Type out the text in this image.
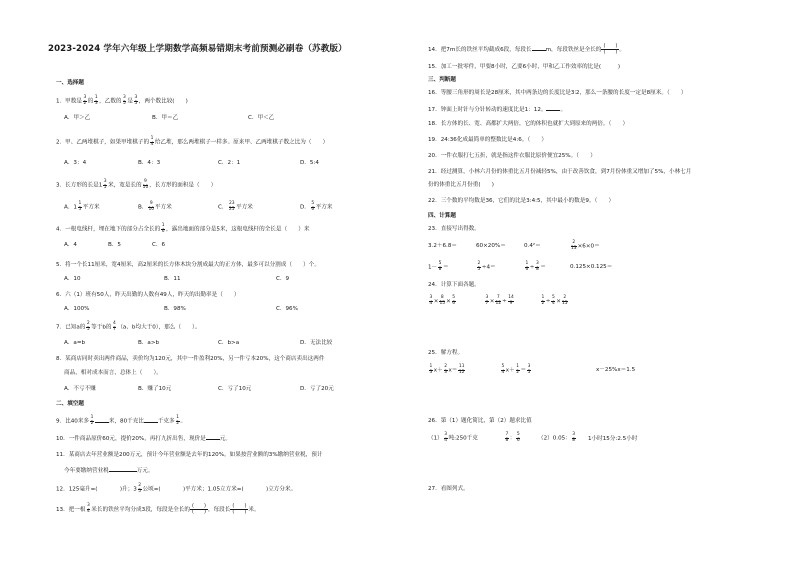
2023-2024 学年六年级上学期数学高频易错期末考前预测必刷卷（苏教版）
一、选择题
1．甲数是 $\frac{3}{2}$ 的 $\frac{1}{3}$ ，乙数的 $\frac{3}{5}$ 是 $\frac{3}{5}$ ，两个数比较(　　)
A．甲＞乙	B．甲＝乙	C．甲＜乙
2．甲、乙两堆棋子，如果甲堆棋子的 $\frac{1}{4}$ 给乙堆，那么两堆棋子一样多。原来甲、乙两堆棋子数之比为（　　）
A．3：4	B．4：3	C．2：1	D．5:4
3．长方形的长是$1 \frac{3}{5}$ 米，宽是长的 $\frac{9}{10}$ ，长方形的面积是（　　）
A．$1 \frac{1}{5}$ 平方米	B． $\frac{9}{10}$ 平方米	C． $\frac{23}{25}$ 平方米	D． $\frac{5}{6}$ 平方米
4．一根电线杆，埋在地下的部分占全长的 $\frac{1}{6}$ ，露出地面的部分是5米，这根电线杆的全长是（　　）米
A．4	B．5	C．6
5．将一个长11厘米，宽4厘米，高2厘米的长方体木块分割成最大的正方体，最多可以分割成（　　）个。
A．10	B．11	C．9
6．六（1）班有50人，昨天出勤的人数有49人，昨天的出勤率是（　　）
A．100%	B．98%	C．96%
7．已知a的 $\frac{2}{5}$ 等于b的 $\frac{4}{7} (a$、b均大于0），那么（　　）。
A．a=b	B．a>b	C．b>a	D．无法比较
8．某商店同时卖出两件商品，卖价均为120元，其中一件盈利20%，另一件亏本20%，这个商店卖出这两件
商品，相对成本而言，总体上（　　）。
A．不亏不赚	B．赚了10元	C．亏了10元	D．亏了20元
二、填空题
9．比40米多 $\frac{1}{2}$	米，80千克比	千克多 $\frac{1}{2}$ 。
10．一件商品原价60元，提价20%，再打九折出售，现价是	元。
11．某商店去年营业额是200万元，预计今年营业额是去年的120%。如果按营业额的3%缴纳营业税，预计
今年要缴纳营业税	万元。
12．125毫升=(　　　　)升；$3 \frac{2}{5}$ 公顷=(　　　　)平方米；1.05立方米=(　　　　)立方分米。
13．把一根 $\frac{3}{4}$ 米长的铁丝平均分成3段，每段是全长的
(　　)
(　　) ，每段长
(　　)
(　　) 米。
14．把7m长的铁丝平均截成6段，每段长	m，每段铁丝是全长的
(　　)
(　　) 。
15．加工一批零件，甲要8小时，乙要6小时，甲和乙工作效率的比是(　　　)
三、判断题
16．等腰三角形的周长是28厘米，其中两条边的长度比是3∶2，那么一条腰的长度一定是8厘米。（　　）
17．钟面上时针与分针转动的速度比是1：12。	。
18．长方体的长、宽、高都扩大两倍，它的体积也就扩大到原来的两倍。（　　）
19．24:36化成最简单的整数比是4:6。（　　）
20．一件衣服打七五折，就是指这件衣服比原价便宜25%。（　　）
21．经过测算，小林六月份的体重比五月份减轻5%，由于改善饮食，到7月份体重又增加了5%，小林七月
份的体重比五月份重(　　)
22．三个数的平均数是36，它们的比是3:4:5，其中最小的数是9。（　　）
四、计算题
23．直接写出得数。
3.2＋6.8＝	60×20%＝	0.4²＝	$\frac{2}{13} \times 6\times 0=$
$1- \frac{5}{8}$ ＝	$\frac{2}{5} \div 4=$	$\frac{1}{6} \div \frac{3}{8}$ ＝	0.125×0.125＝
24．计算下面各题。
$\frac{3}{4} \times \frac{8}{15} \times \frac{5}{6}$	$\frac{3}{7} \times \frac{7}{12} \div \frac{14}{9}$	$\frac{1}{2} \div \frac{5}{4} \times \frac{2}{15}$
25．解方程。
$\frac{1}{3} x+ \frac{2}{3} x= \frac{11}{12}$	$\frac{5}{4} x+ \frac{1}{2} = \frac{3}{5}$	x－25%x＝1.5
26．第（1）题化简比，第（2）题求比值
$(1) \frac{3}{4}$ 吨:250千克	$\frac{7}{8}$ ： $\frac{5}{6}$	（2）0.05： $\frac{3}{8} 1$小时15分:2.5小时
27．看图列式。
